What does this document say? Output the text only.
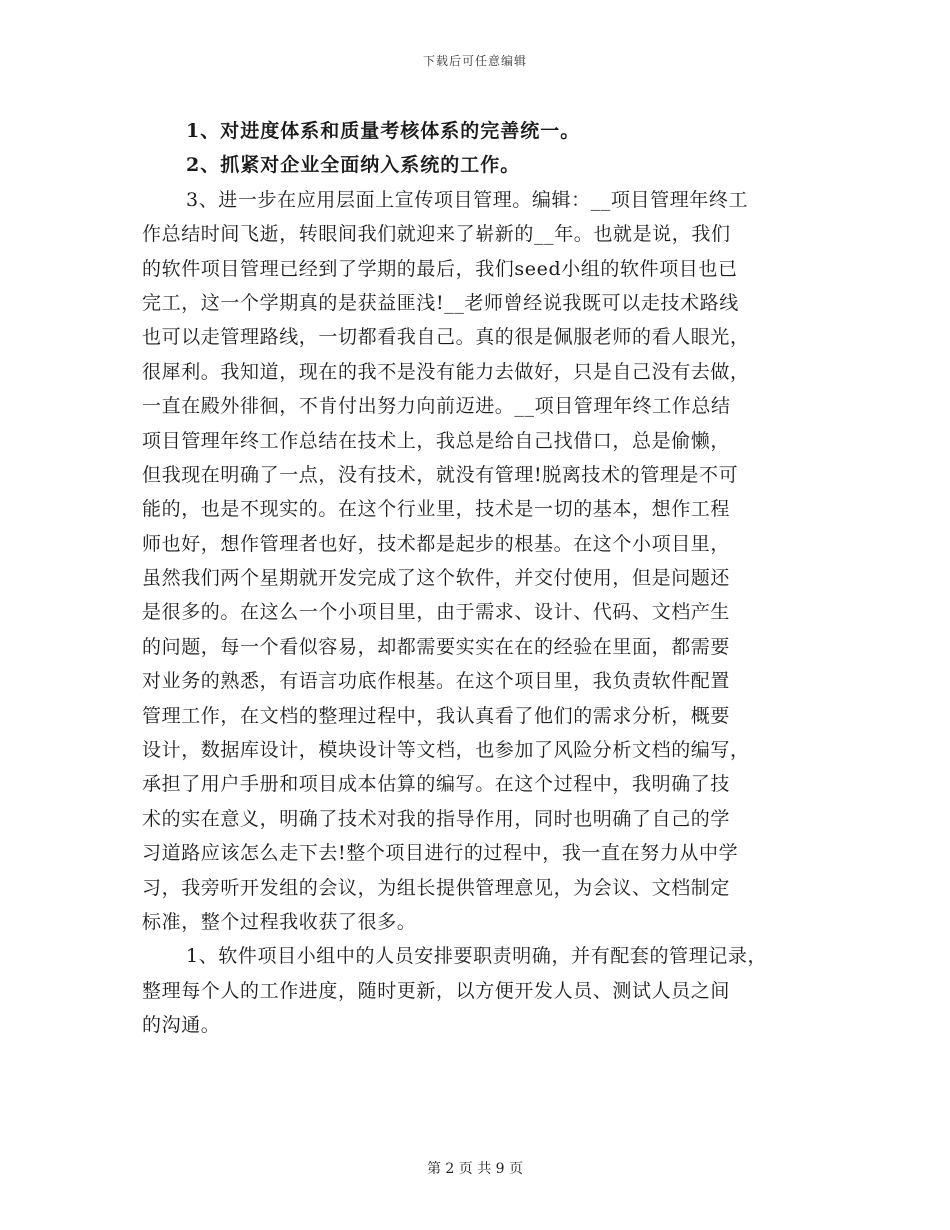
下载后可任意编辑
1、对进度体系和质量考核体系的完善统一。
2、抓紧对企业全面纳入系统的工作。
3、进一步在应用层面上宣传项目管理。编辑：__项目管理年终工
作总结时间飞逝，转眼间我们就迎来了崭新的__年。也就是说，我们
的软件项目管理已经到了学期的最后，我们seed小组的软件项目也已
完工，这一个学期真的是获益匪浅!__老师曾经说我既可以走技术路线
也可以走管理路线，一切都看我自己。真的很是佩服老师的看人眼光，
很犀利。我知道，现在的我不是没有能力去做好，只是自己没有去做，
一直在殿外徘徊，不肯付出努力向前迈进。__项目管理年终工作总结
项目管理年终工作总结在技术上，我总是给自己找借口，总是偷懒，
但我现在明确了一点，没有技术，就没有管理!脱离技术的管理是不可
能的，也是不现实的。在这个行业里，技术是一切的基本，想作工程
师也好，想作管理者也好，技术都是起步的根基。在这个小项目里，
虽然我们两个星期就开发完成了这个软件，并交付使用，但是问题还
是很多的。在这么一个小项目里，由于需求、设计、代码、文档产生
的问题，每一个看似容易，却都需要实实在在的经验在里面，都需要
对业务的熟悉，有语言功底作根基。在这个项目里，我负责软件配置
管理工作，在文档的整理过程中，我认真看了他们的需求分析，概要
设计，数据库设计，模块设计等文档，也参加了风险分析文档的编写，
承担了用户手册和项目成本估算的编写。在这个过程中，我明确了技
术的实在意义，明确了技术对我的指导作用，同时也明确了自己的学
习道路应该怎么走下去!整个项目进行的过程中，我一直在努力从中学
习，我旁听开发组的会议，为组长提供管理意见，为会议、文档制定
标准，整个过程我收获了很多。
1、软件项目小组中的人员安排要职责明确，并有配套的管理记录，
整理每个人的工作进度，随时更新，以方便开发人员、测试人员之间
的沟通。
第 2 页 共 9 页
